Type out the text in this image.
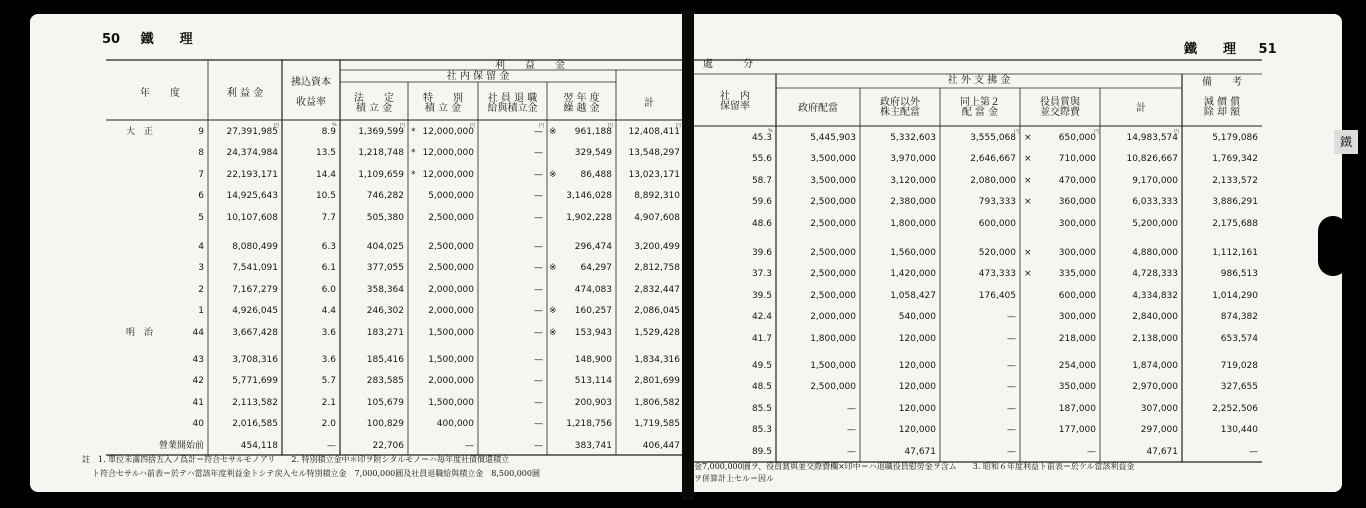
50 鐵　　理
利　　益　　金
年　　度	利 益 金
拂込資本
收益率
社 内 保 留 金
法　　定
積 立 金
特　　別
積 立 金
社 員 退 職
給與積立金
翌 年 度
繰 越 金	計
円	%	円	円	円	円	円
大　正	9	27,391,985	8.9	1,369,599 * 12,000,000	— ※	961,188	12,408,411
8	24,374,984	13.5	1,218,748 * 12,000,000	—	329,549	13,548,297
7	22,193,171	14.4	1,109,659 * 12,000,000	— ※	86,488	13,023,171
6	14,925,643	10.5	746,282	5,000,000	—	3,146,028	8,892,310
5	10,107,608	7.7	505,380	2,500,000	—	1,902,228	4,907,608
4	8,080,499	6.3	404,025	2,500,000	—	296,474	3,200,499
3	7,541,091	6.1	377,055	2,500,000	— ※	64,297	2,812,758
2	7,167,279	6.0	358,364	2,000,000	—	474,083	2,832,447
1	4,926,045	4.4	246,302	2,000,000	— ※	160,257	2,086,045
明　治	44	3,667,428	3.6	183,271	1,500,000	— ※	153,943	1,529,428
43	3,708,316	3.6	185,416	1,500,000	—	148,900	1,834,316
42	5,771,699	5.7	283,585	2,000,000	—	513,114	2,801,699
41	2,113,582	2.1	105,679	1,500,000	—	200,903	1,806,582
40	2,016,585	2.0	100,829	400,000	—	1,218,756	1,719,585
營業開始前	454,118	—	22,706	—	—	383,741	406,447
鐵　　理 51
處　　　分
社　内
保留率
社 外 支 拂 金
政府配當
政府以外
株主配當
同上第２
配 當 金
役員賞與
並交際費	計
備　　考
減 價 償
除 却 額
%	円	円	円
45.3	5,445,903	5,332,603	3,555,068 ×	650,000	14,983,574	5,179,086
55.6	3,500,000	3,970,000	2,646,667 ×	710,000	10,826,667	1,769,342
58.7	3,500,000	3,120,000	2,080,000 ×	470,000	9,170,000	2,133,572
59.6	2,500,000	2,380,000	793,333 ×	360,000	6,033,333	3,886,291
48.6	2,500,000	1,800,000	600,000	300,000	5,200,000	2,175,688
39.6	2,500,000	1,560,000	520,000 ×	300,000	4,880,000	1,112,161
37.3	2,500,000	1,420,000	473,333 ×	335,000	4,728,333	986,513
39.5	2,500,000	1,058,427	176,405	600,000	4,334,832	1,014,290
42.4	2,000,000	540,000	—	300,000	2,840,000	874,382
41.7	1,800,000	120,000	—	218,000	2,138,000	653,574
49.5	1,500,000	120,000	—	254,000	1,874,000	719,028
48.5	2,500,000	120,000	—	350,000	2,970,000	327,655
85.5	—	120,000	—	187,000	307,000	2,252,506
85.3	—	120,000	—	177,000	297,000	130,440
89.5	—	47,671	—	—	47,671	—
鐵
註　1. 單位未滿四捨五入ノ爲計＝符合セサルモノアリ　　2. 特別積立金中＊印ヲ附シタルモノ＝ハ毎年度社債償還積立
金7,000,000圓ヲ、役員賞與並交際費欄×印中＝ハ退職役員慰勞金ヲ含ム　　3. 昭和６年度利益ト前表＝於ケル當該利益金
ト符合セサルハ前表＝於テハ當該年度利益金トシテ戻入セル特別積立金　7,000,000圓及社員退職給與積立金　8,500,000圓
ヲ併算計上セル＝因ル
